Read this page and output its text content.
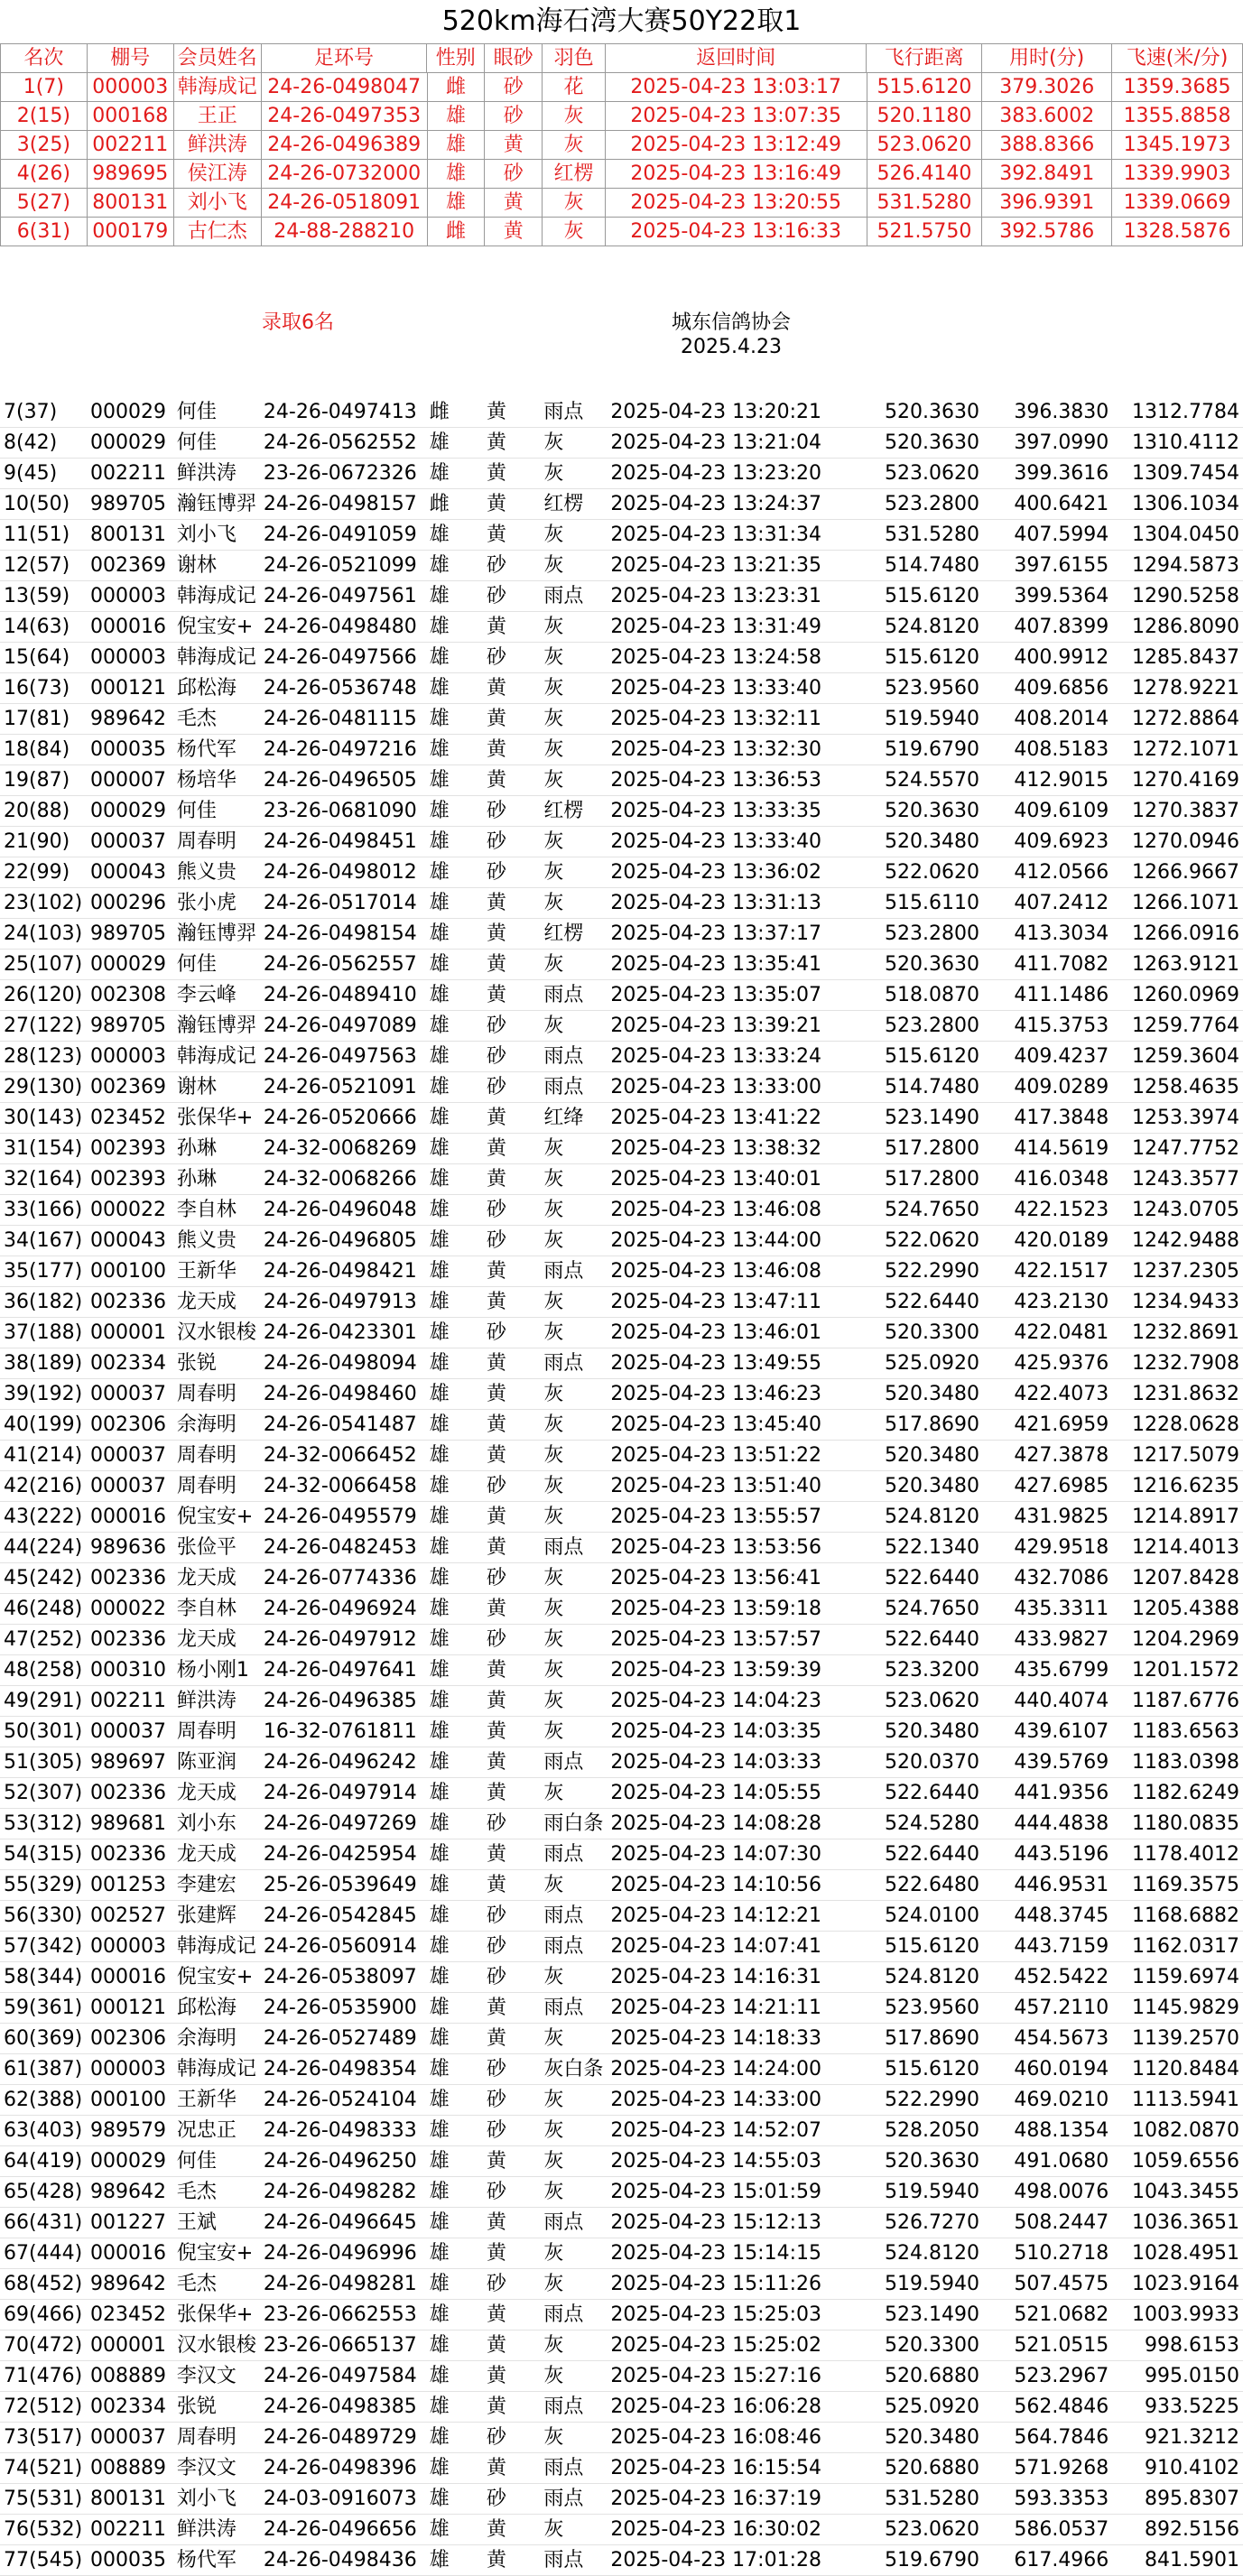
520km海石湾大赛50Y22取1
名次	棚号	会员姓名	足环号	性别	眼砂	羽色	返回时间	飞行距离	用时(分)	飞速(米/分)
1(7)	000003	韩海成记	24-26-0498047	雌	砂	花	2025-04-23 13:03:17	515.6120	379.3026	1359.3685
2(15)	000168	王正	24-26-0497353	雄	砂	灰	2025-04-23 13:07:35	520.1180	383.6002	1355.8858
3(25)	002211	鲜洪涛	24-26-0496389	雄	黄	灰	2025-04-23 13:12:49	523.0620	388.8366	1345.1973
4(26)	989695	侯江涛	24-26-0732000	雄	砂	红楞	2025-04-23 13:16:49	526.4140	392.8491	1339.9903
5(27)	800131	刘小飞	24-26-0518091	雄	黄	灰	2025-04-23 13:20:55	531.5280	396.9391	1339.0669
6(31)	000179	古仁杰	24-88-288210	雌	黄	灰	2025-04-23 13:16:33	521.5750	392.5786	1328.5876
录取6名	城东信鸽协会
2025.4.23
7(37)	000029	何佳	24-26-0497413	雌	黄	雨点	2025-04-23 13:20:21	520.3630	396.3830	1312.7784
8(42)	000029	何佳	24-26-0562552	雄	黄	灰	2025-04-23 13:21:04	520.3630	397.0990	1310.4112
9(45)	002211	鲜洪涛	23-26-0672326	雄	黄	灰	2025-04-23 13:23:20	523.0620	399.3616	1309.7454
10(50)	989705	瀚钰博羿	24-26-0498157	雌	黄	红楞	2025-04-23 13:24:37	523.2800	400.6421	1306.1034
11(51)	800131	刘小飞	24-26-0491059	雄	黄	灰	2025-04-23 13:31:34	531.5280	407.5994	1304.0450
12(57)	002369	谢林	24-26-0521099	雄	砂	灰	2025-04-23 13:21:35	514.7480	397.6155	1294.5873
13(59)	000003	韩海成记	24-26-0497561	雄	砂	雨点	2025-04-23 13:23:31	515.6120	399.5364	1290.5258
14(63)	000016	倪宝安+	24-26-0498480	雄	黄	灰	2025-04-23 13:31:49	524.8120	407.8399	1286.8090
15(64)	000003	韩海成记	24-26-0497566	雄	砂	灰	2025-04-23 13:24:58	515.6120	400.9912	1285.8437
16(73)	000121	邱松海	24-26-0536748	雄	黄	灰	2025-04-23 13:33:40	523.9560	409.6856	1278.9221
17(81)	989642	毛杰	24-26-0481115	雄	黄	灰	2025-04-23 13:32:11	519.5940	408.2014	1272.8864
18(84)	000035	杨代军	24-26-0497216	雄	黄	灰	2025-04-23 13:32:30	519.6790	408.5183	1272.1071
19(87)	000007	杨培华	24-26-0496505	雄	黄	灰	2025-04-23 13:36:53	524.5570	412.9015	1270.4169
20(88)	000029	何佳	23-26-0681090	雄	砂	红楞	2025-04-23 13:33:35	520.3630	409.6109	1270.3837
21(90)	000037	周春明	24-26-0498451	雄	砂	灰	2025-04-23 13:33:40	520.3480	409.6923	1270.0946
22(99)	000043	熊义贵	24-26-0498012	雄	砂	灰	2025-04-23 13:36:02	522.0620	412.0566	1266.9667
23(102)	000296	张小虎	24-26-0517014	雄	黄	灰	2025-04-23 13:31:13	515.6110	407.2412	1266.1071
24(103)	989705	瀚钰博羿	24-26-0498154	雄	黄	红楞	2025-04-23 13:37:17	523.2800	413.3034	1266.0916
25(107)	000029	何佳	24-26-0562557	雄	黄	灰	2025-04-23 13:35:41	520.3630	411.7082	1263.9121
26(120)	002308	李云峰	24-26-0489410	雄	黄	雨点	2025-04-23 13:35:07	518.0870	411.1486	1260.0969
27(122)	989705	瀚钰博羿	24-26-0497089	雄	砂	灰	2025-04-23 13:39:21	523.2800	415.3753	1259.7764
28(123)	000003	韩海成记	24-26-0497563	雄	砂	雨点	2025-04-23 13:33:24	515.6120	409.4237	1259.3604
29(130)	002369	谢林	24-26-0521091	雄	砂	雨点	2025-04-23 13:33:00	514.7480	409.0289	1258.4635
30(143)	023452	张保华+	24-26-0520666	雄	黄	红绛	2025-04-23 13:41:22	523.1490	417.3848	1253.3974
31(154)	002393	孙琳	24-32-0068269	雄	黄	灰	2025-04-23 13:38:32	517.2800	414.5619	1247.7752
32(164)	002393	孙琳	24-32-0068266	雄	黄	灰	2025-04-23 13:40:01	517.2800	416.0348	1243.3577
33(166)	000022	李自林	24-26-0496048	雄	砂	灰	2025-04-23 13:46:08	524.7650	422.1523	1243.0705
34(167)	000043	熊义贵	24-26-0496805	雄	砂	灰	2025-04-23 13:44:00	522.0620	420.0189	1242.9488
35(177)	000100	王新华	24-26-0498421	雄	黄	雨点	2025-04-23 13:46:08	522.2990	422.1517	1237.2305
36(182)	002336	龙天成	24-26-0497913	雄	黄	灰	2025-04-23 13:47:11	522.6440	423.2130	1234.9433
37(188)	000001	汉水银梭	24-26-0423301	雄	砂	灰	2025-04-23 13:46:01	520.3300	422.0481	1232.8691
38(189)	002334	张锐	24-26-0498094	雄	黄	雨点	2025-04-23 13:49:55	525.0920	425.9376	1232.7908
39(192)	000037	周春明	24-26-0498460	雄	黄	灰	2025-04-23 13:46:23	520.3480	422.4073	1231.8632
40(199)	002306	余海明	24-26-0541487	雄	黄	灰	2025-04-23 13:45:40	517.8690	421.6959	1228.0628
41(214)	000037	周春明	24-32-0066452	雄	黄	灰	2025-04-23 13:51:22	520.3480	427.3878	1217.5079
42(216)	000037	周春明	24-32-0066458	雄	砂	灰	2025-04-23 13:51:40	520.3480	427.6985	1216.6235
43(222)	000016	倪宝安+	24-26-0495579	雄	黄	灰	2025-04-23 13:55:57	524.8120	431.9825	1214.8917
44(224)	989636	张俭平	24-26-0482453	雄	黄	雨点	2025-04-23 13:53:56	522.1340	429.9518	1214.4013
45(242)	002336	龙天成	24-26-0774336	雄	砂	灰	2025-04-23 13:56:41	522.6440	432.7086	1207.8428
46(248)	000022	李自林	24-26-0496924	雄	黄	灰	2025-04-23 13:59:18	524.7650	435.3311	1205.4388
47(252)	002336	龙天成	24-26-0497912	雄	砂	灰	2025-04-23 13:57:57	522.6440	433.9827	1204.2969
48(258)	000310	杨小刚1	24-26-0497641	雄	黄	灰	2025-04-23 13:59:39	523.3200	435.6799	1201.1572
49(291)	002211	鲜洪涛	24-26-0496385	雄	黄	灰	2025-04-23 14:04:23	523.0620	440.4074	1187.6776
50(301)	000037	周春明	16-32-0761811	雄	黄	灰	2025-04-23 14:03:35	520.3480	439.6107	1183.6563
51(305)	989697	陈亚润	24-26-0496242	雄	黄	雨点	2025-04-23 14:03:33	520.0370	439.5769	1183.0398
52(307)	002336	龙天成	24-26-0497914	雄	黄	灰	2025-04-23 14:05:55	522.6440	441.9356	1182.6249
53(312)	989681	刘小东	24-26-0497269	雄	砂	雨白条	2025-04-23 14:08:28	524.5280	444.4838	1180.0835
54(315)	002336	龙天成	24-26-0425954	雄	黄	雨点	2025-04-23 14:07:30	522.6440	443.5196	1178.4012
55(329)	001253	李建宏	25-26-0539649	雄	黄	灰	2025-04-23 14:10:56	522.6480	446.9531	1169.3575
56(330)	002527	张建辉	24-26-0542845	雄	砂	雨点	2025-04-23 14:12:21	524.0100	448.3745	1168.6882
57(342)	000003	韩海成记	24-26-0560914	雄	砂	雨点	2025-04-23 14:07:41	515.6120	443.7159	1162.0317
58(344)	000016	倪宝安+	24-26-0538097	雄	砂	灰	2025-04-23 14:16:31	524.8120	452.5422	1159.6974
59(361)	000121	邱松海	24-26-0535900	雄	黄	雨点	2025-04-23 14:21:11	523.9560	457.2110	1145.9829
60(369)	002306	余海明	24-26-0527489	雄	黄	灰	2025-04-23 14:18:33	517.8690	454.5673	1139.2570
61(387)	000003	韩海成记	24-26-0498354	雄	砂	灰白条	2025-04-23 14:24:00	515.6120	460.0194	1120.8484
62(388)	000100	王新华	24-26-0524104	雄	砂	灰	2025-04-23 14:33:00	522.2990	469.0210	1113.5941
63(403)	989579	况忠正	24-26-0498333	雄	砂	灰	2025-04-23 14:52:07	528.2050	488.1354	1082.0870
64(419)	000029	何佳	24-26-0496250	雄	黄	灰	2025-04-23 14:55:03	520.3630	491.0680	1059.6556
65(428)	989642	毛杰	24-26-0498282	雄	砂	灰	2025-04-23 15:01:59	519.5940	498.0076	1043.3455
66(431)	001227	王斌	24-26-0496645	雄	黄	雨点	2025-04-23 15:12:13	526.7270	508.2447	1036.3651
67(444)	000016	倪宝安+	24-26-0496996	雄	黄	灰	2025-04-23 15:14:15	524.8120	510.2718	1028.4951
68(452)	989642	毛杰	24-26-0498281	雄	砂	灰	2025-04-23 15:11:26	519.5940	507.4575	1023.9164
69(466)	023452	张保华+	23-26-0662553	雄	黄	雨点	2025-04-23 15:25:03	523.1490	521.0682	1003.9933
70(472)	000001	汉水银梭	23-26-0665137	雄	黄	灰	2025-04-23 15:25:02	520.3300	521.0515	998.6153
71(476)	008889	李汉文	24-26-0497584	雄	黄	灰	2025-04-23 15:27:16	520.6880	523.2967	995.0150
72(512)	002334	张锐	24-26-0498385	雄	黄	雨点	2025-04-23 16:06:28	525.0920	562.4846	933.5225
73(517)	000037	周春明	24-26-0489729	雄	砂	灰	2025-04-23 16:08:46	520.3480	564.7846	921.3212
74(521)	008889	李汉文	24-26-0498396	雄	黄	雨点	2025-04-23 16:15:54	520.6880	571.9268	910.4102
75(531)	800131	刘小飞	24-03-0916073	雄	砂	雨点	2025-04-23 16:37:19	531.5280	593.3353	895.8307
76(532)	002211	鲜洪涛	24-26-0496656	雄	黄	灰	2025-04-23 16:30:02	523.0620	586.0537	892.5156
77(545)	000035	杨代军	24-26-0498436	雄	黄	雨点	2025-04-23 17:01:28	519.6790	617.4966	841.5901
